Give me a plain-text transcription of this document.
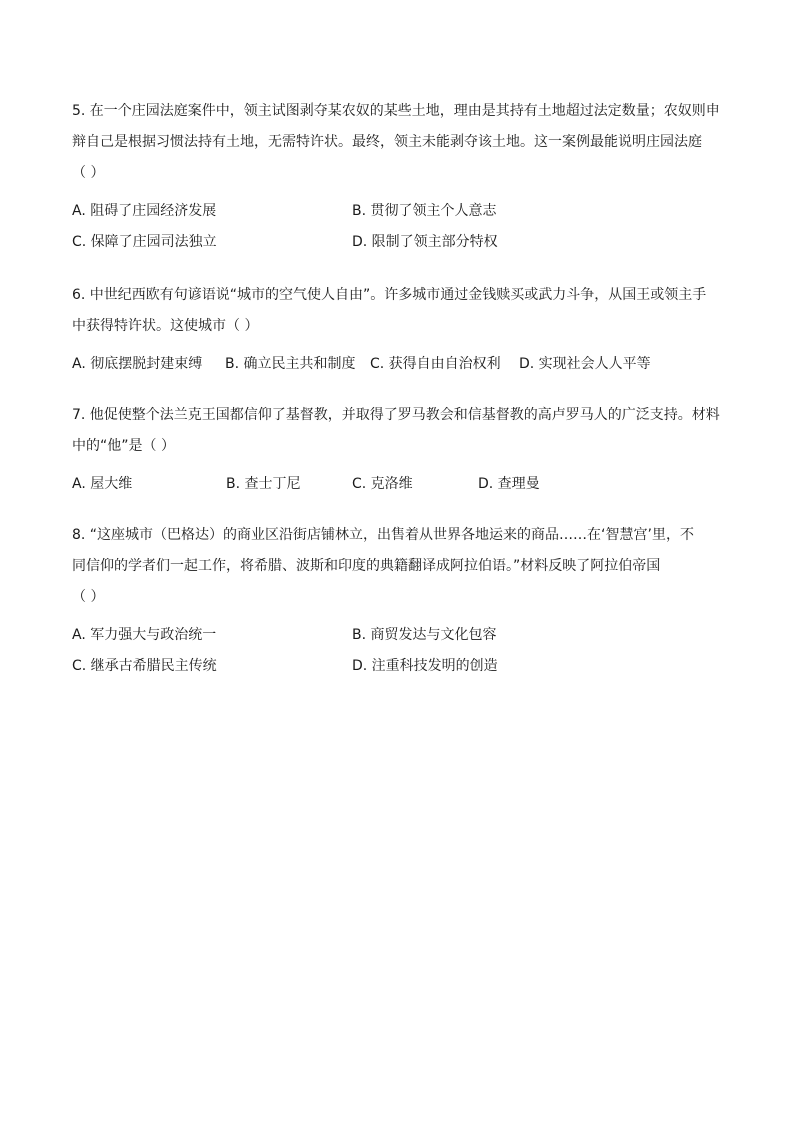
5. 在一个庄园法庭案件中，领主试图剥夺某农奴的某些土地，理由是其持有土地超过法定数量；农奴则申
辩自己是根据习惯法持有土地，无需特许状。最终，领主未能剥夺该土地。这一案例最能说明庄园法庭
（ ）

A. 阻碍了庄园经济发展	B. 贯彻了领主个人意志
C. 保障了庄园司法独立	D. 限制了领主部分特权

6. 中世纪西欧有句谚语说“城市的空气使人自由”。许多城市通过金钱赎买或武力斗争，从国王或领主手
中获得特许状。这使城市（ ）

A. 彻底摆脱封建束缚	B. 确立民主共和制度	C. 获得自由自治权利	D. 实现社会人人平等

7. 他促使整个法兰克王国都信仰了基督教，并取得了罗马教会和信基督教的高卢罗马人的广泛支持。材料
中的“他”是（ ）

A. 屋大维	B. 查士丁尼	C. 克洛维	D. 查理曼

8. “这座城市（巴格达）的商业区沿街店铺林立，出售着从世界各地运来的商品……在‘智慧宫’里，不
同信仰的学者们一起工作，将希腊、波斯和印度的典籍翻译成阿拉伯语。”材料反映了阿拉伯帝国
（ ）

A. 军力强大与政治统一	B. 商贸发达与文化包容
C. 继承古希腊民主传统	D. 注重科技发明的创造
